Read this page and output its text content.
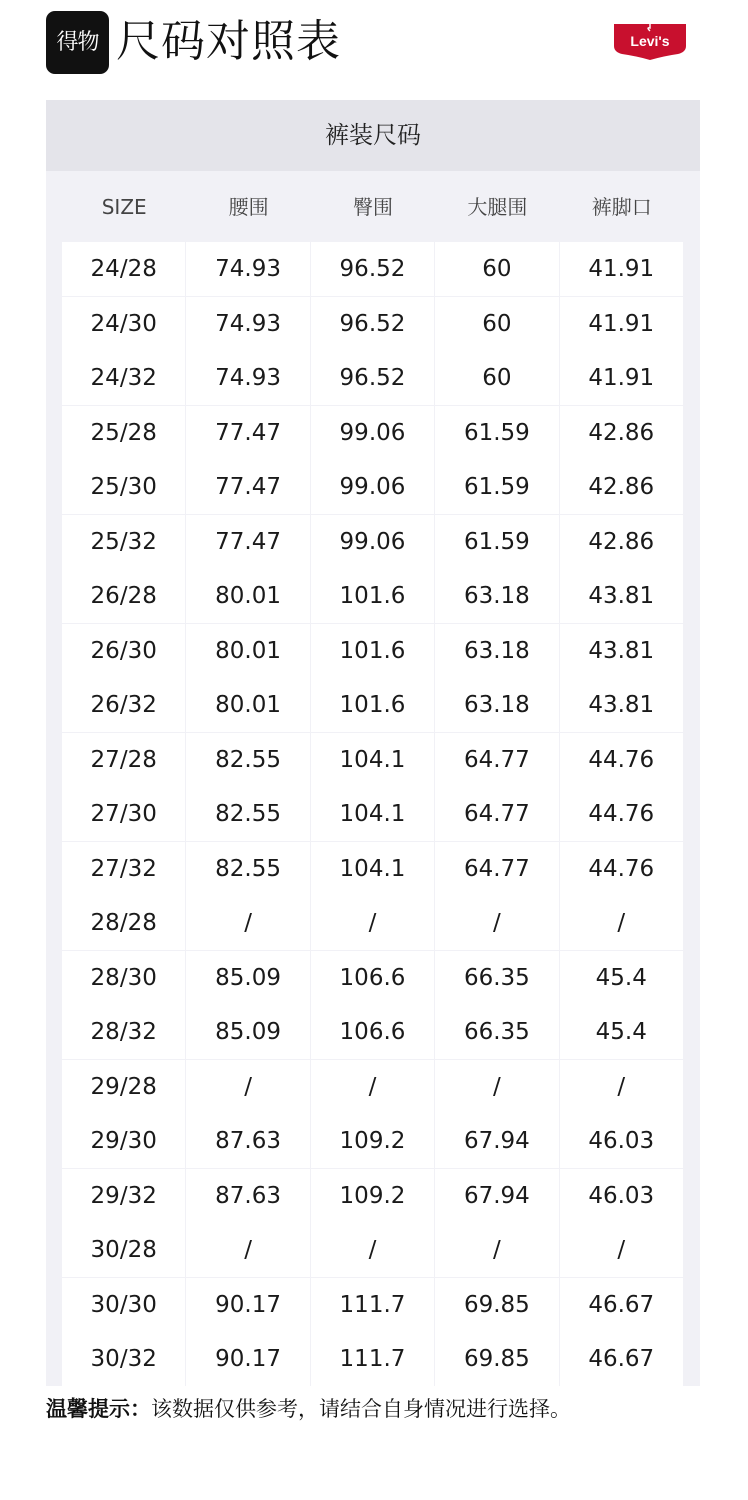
得物 尺码对照表	Levi's
裤装尺码
SIZE	腰围	臀围	大腿围	裤脚口
24/28	74.93	96.52	60	41.91
24/30	74.93	96.52	60	41.91
24/32	74.93	96.52	60	41.91
25/28	77.47	99.06	61.59	42.86
25/30	77.47	99.06	61.59	42.86
25/32	77.47	99.06	61.59	42.86
26/28	80.01	101.6	63.18	43.81
26/30	80.01	101.6	63.18	43.81
26/32	80.01	101.6	63.18	43.81
27/28	82.55	104.1	64.77	44.76
27/30	82.55	104.1	64.77	44.76
27/32	82.55	104.1	64.77	44.76
28/28	/	/	/	/
28/30	85.09	106.6	66.35	45.4
28/32	85.09	106.6	66.35	45.4
29/28	/	/	/	/
29/30	87.63	109.2	67.94	46.03
29/32	87.63	109.2	67.94	46.03
30/28	/	/	/	/
30/30	90.17	111.7	69.85	46.67
30/32	90.17	111.7	69.85	46.67
温馨提示：该数据仅供参考，请结合自身情况进行选择。
